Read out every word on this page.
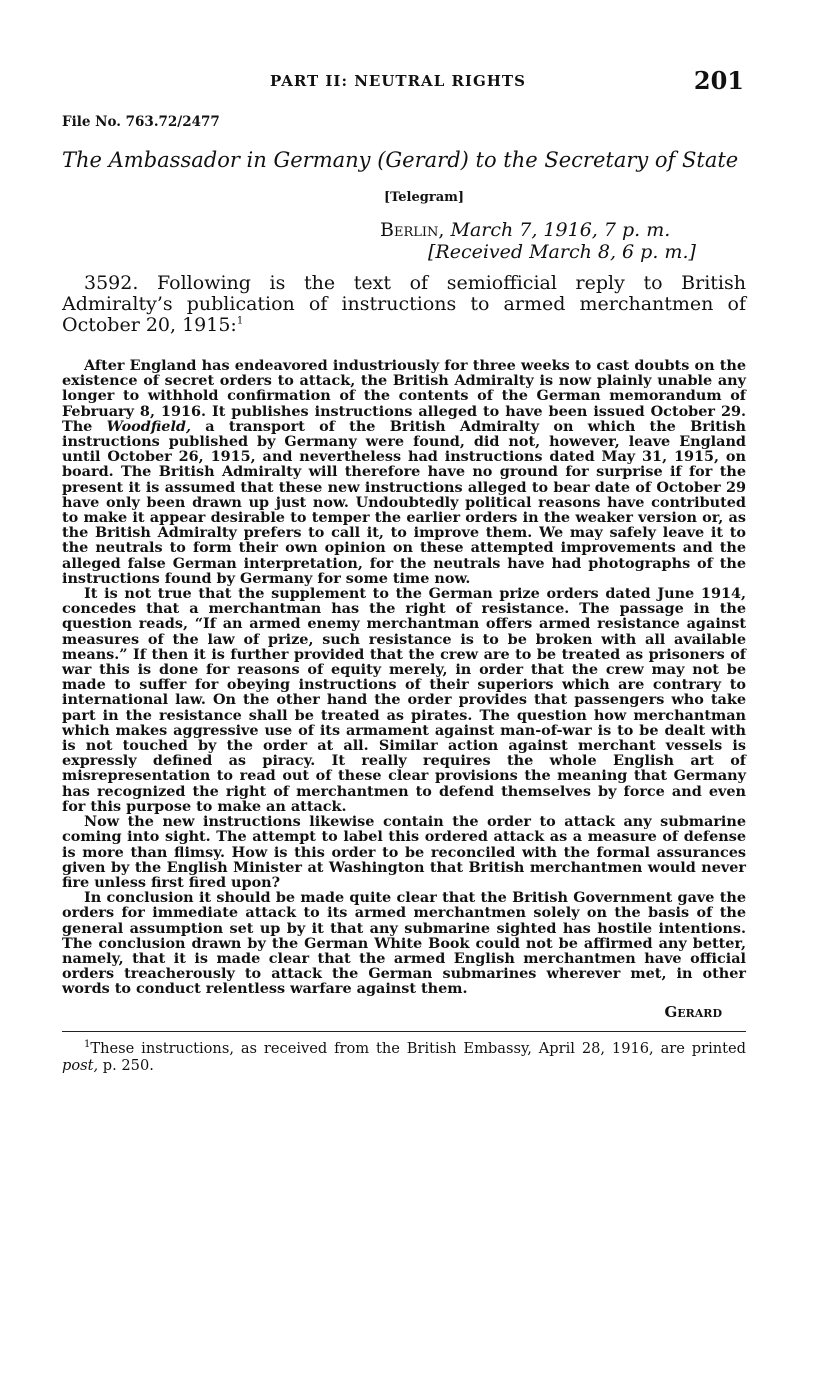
PART II: NEUTRAL RIGHTS	201
File No. 763.72/2477
The Ambassador in Germany (Gerard) to the Secretary of State
[Telegram]
Berlin, March 7, 1916, 7 p. m.
[Received March 8, 6 p. m.]
3592. Following is the text of semiofficial reply to British Admiralty’s publication of instructions to armed merchantmen of October 20, 1915:$^1$

After England has endeavored industriously for three weeks to cast doubts on the existence of secret orders to attack, the British Admiralty is now plainly unable any longer to withhold confirmation of the contents of the German memorandum of February 8, 1916. It publishes instructions alleged to have been issued October 29. The Woodfield, a transport of the British Admiralty on which the British instructions published by Germany were found, did not, however, leave England until October 26, 1915, and nevertheless had instructions dated May 31, 1915, on board. The British Admiralty will therefore have no ground for surprise if for the present it is assumed that these new instructions alleged to bear date of October 29 have only been drawn up just now. Undoubtedly political reasons have contributed to make it appear desirable to temper the earlier orders in the weaker version or, as the British Admiralty prefers to call it, to improve them. We may safely leave it to the neutrals to form their own opinion on these attempted improvements and the alleged false German interpretation, for the neutrals have had photographs of the instructions found by Germany for some time now.

It is not true that the supplement to the German prize orders dated June 1914, concedes that a merchantman has the right of resistance. The passage in the question reads, “If an armed enemy merchantman offers armed resistance against measures of the law of prize, such resistance is to be broken with all available means.” If then it is further provided that the crew are to be treated as prisoners of war this is done for reasons of equity merely, in order that the crew may not be made to suffer for obeying instructions of their superiors which are contrary to international law. On the other hand the order provides that passengers who take part in the resistance shall be treated as pirates. The question how merchantman which makes aggressive use of its armament against man-of-war is to be dealt with is not touched by the order at all. Similar action against merchant vessels is expressly defined as piracy. It really requires the whole English art of misrepresentation to read out of these clear provisions the meaning that Germany has recognized the right of merchantmen to defend themselves by force and even for this purpose to make an attack.

Now the new instructions likewise contain the order to attack any submarine coming into sight. The attempt to label this ordered attack as a measure of defense is more than flimsy. How is this order to be reconciled with the formal assurances given by the English Minister at Washington that British merchantmen would never fire unless first fired upon?

In conclusion it should be made quite clear that the British Government gave the orders for immediate attack to its armed merchantmen solely on the basis of the general assumption set up by it that any submarine sighted has hostile intentions. The conclusion drawn by the German White Book could not be affirmed any better, namely, that it is made clear that the armed English merchantmen have official orders treacherously to attack the German submarines wherever met, in other words to conduct relentless warfare against them.

Gerard
$^1$These instructions, as received from the British Embassy, April 28, 1916, are printed post, p. 250.
